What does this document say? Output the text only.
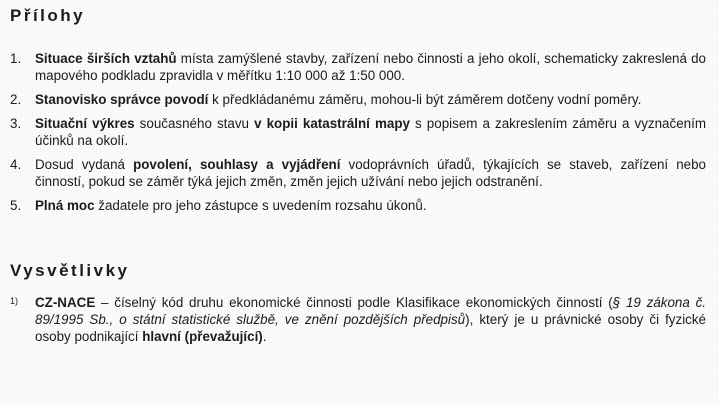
Přílohy
1.	Situace širších vztahů místa zamýšlené stavby, zařízení nebo činnosti a jeho okolí, schematicky zakreslená do mapového podkladu zpravidla v měřítku 1:10 000 až 1:50 000.
2.	Stanovisko správce povodí k předkládanému záměru, mohou-li být záměrem dotčeny vodní poměry.
3.	Situační výkres současného stavu v kopii katastrální mapy s popisem a zakreslením záměru a vyznačením účinků na okolí.
4.	Dosud vydaná povolení, souhlasy a vyjádření vodoprávních úřadů, týkajících se staveb, zařízení nebo činností, pokud se záměr týká jejich změn, změn jejich užívání nebo jejich odstranění.
5.	Plná moc žadatele pro jeho zástupce s uvedením rozsahu úkonů.
Vysvětlivky
1)	CZ-NACE – číselný kód druhu ekonomické činnosti podle Klasifikace ekonomických činností (§ 19 zákona č. 89/1995 Sb., o státní statistické službě, ve znění pozdějších předpisů), který je u právnické osoby či fyzické osoby podnikající hlavní (převažující).
